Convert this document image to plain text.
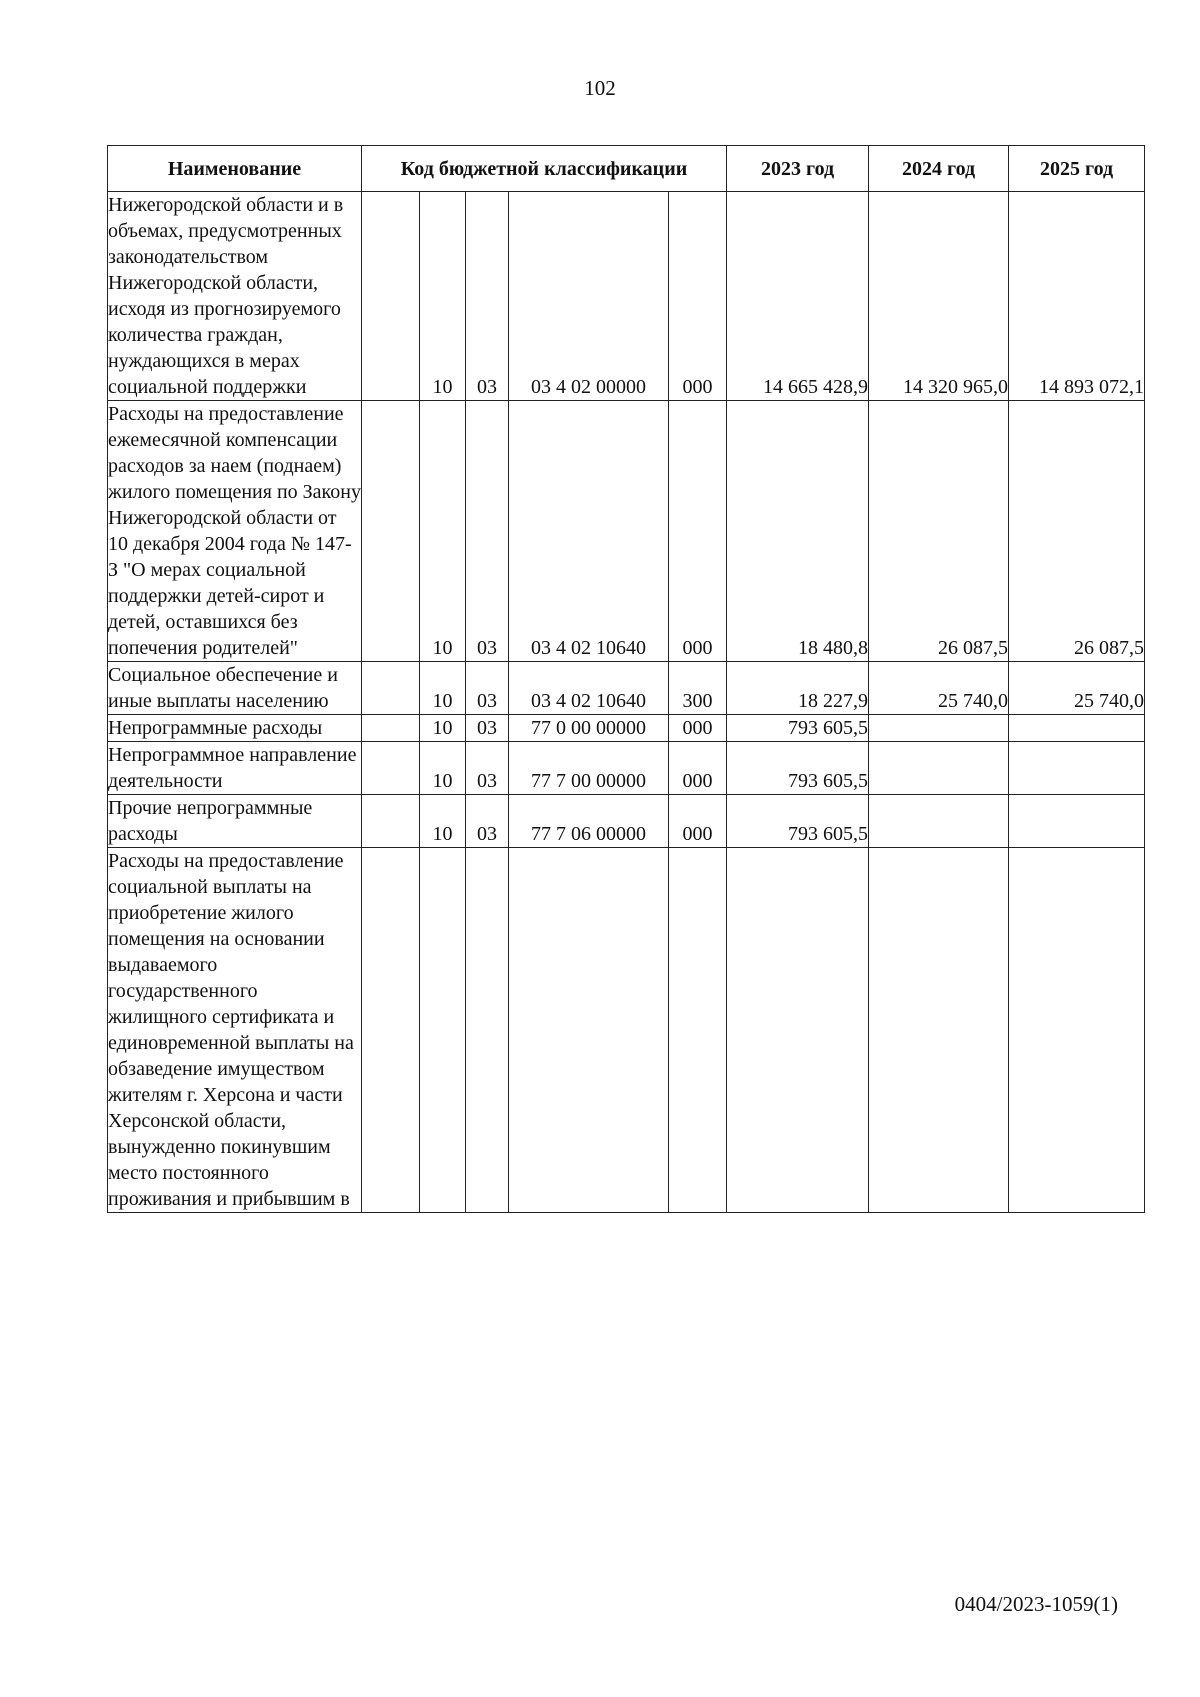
102
Наименование	Код бюджетной классификации					2023 год	2024 год	2025 год

Нижегородской области и в объемах, предусмотренных законодательством Нижегородской области, исходя из прогнозируемого количества граждан, нуждающихся в мерах социальной поддержки		10	03	03 4 02 00000	000	14 665 428,9	14 320 965,0	14 893 072,1

Расходы на предоставление ежемесячной компенсации расходов за наем (поднаем) жилого помещения по Закону Нижегородской области от 10 декабря 2004 года № 147-З "О мерах социальной поддержки детей-сирот и детей, оставшихся без попечения родителей"		10	03	03 4 02 10640	000	18 480,8	26 087,5	26 087,5

Социальное обеспечение и иные выплаты населению		10	03	03 4 02 10640	300	18 227,9	25 740,0	25 740,0

Непрограммные расходы		10	03	77 0 00 00000	000	793 605,5		

Непрограммное направление деятельности		10	03	77 7 00 00000	000	793 605,5		

Прочие непрограммные расходы		10	03	77 7 06 00000	000	793 605,5		

Расходы на предоставление социальной выплаты на приобретение жилого помещения на основании выдаваемого государственного жилищного сертификата и единовременной выплаты на обзаведение имуществом жителям г. Херсона и части Херсонской области, вынужденно покинувшим место постоянного проживания и прибывшим в								

0404/2023-1059(1)
